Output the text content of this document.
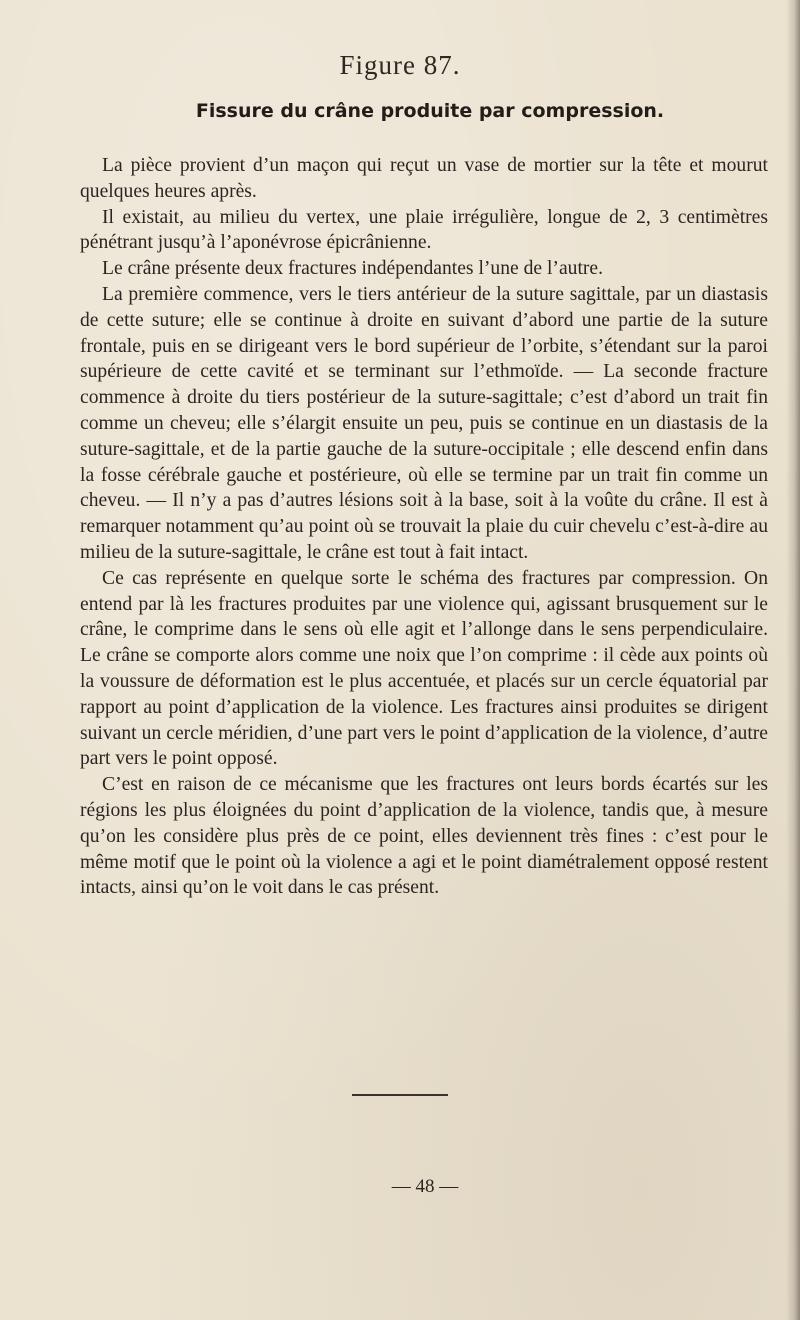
Figure 87.
Fissure du crâne produite par compression.

La pièce provient d’un maçon qui reçut un vase de mortier sur la tête et mourut quelques heures après.

Il existait, au milieu du vertex, une plaie irrégulière, longue de 2, 3 centimètres pénétrant jusqu’à l’aponévrose épicrânienne.

Le crâne présente deux fractures indépendantes l’une de l’autre.

La première commence, vers le tiers antérieur de la suture sagittale, par un diastasis de cette suture; elle se continue à droite en suivant d’abord une partie de la suture frontale, puis en se dirigeant vers le bord supérieur de l’orbite, s’étendant sur la paroi supérieure de cette cavité et se terminant sur l’ethmoïde. — La seconde fracture commence à droite du tiers postérieur de la suture-sagittale; c’est d’abord un trait fin comme un cheveu; elle s’élargit ensuite un peu, puis se continue en un diastasis de la suture-sagittale, et de la partie gauche de la suture-occipitale ; elle descend enfin dans la fosse cérébrale gauche et postérieure, où elle se termine par un trait fin comme un cheveu. — Il n’y a pas d’autres lésions soit à la base, soit à la voûte du crâne. Il est à remarquer notamment qu’au point où se trouvait la plaie du cuir chevelu c’est-à-dire au milieu de la suture-sagittale, le crâne est tout à fait intact.

Ce cas représente en quelque sorte le schéma des fractures par compression. On entend par là les fractures produites par une violence qui, agissant brusquement sur le crâne, le comprime dans le sens où elle agit et l’allonge dans le sens perpendiculaire. Le crâne se comporte alors comme une noix que l’on comprime : il cède aux points où la voussure de déformation est le plus accentuée, et placés sur un cercle équatorial par rapport au point d’application de la violence. Les fractures ainsi produites se dirigent suivant un cercle méridien, d’une part vers le point d’application de la violence, d’autre part vers le point opposé.

C’est en raison de ce mécanisme que les fractures ont leurs bords écartés sur les régions les plus éloignées du point d’application de la violence, tandis que, à mesure qu’on les considère plus près de ce point, elles deviennent très fines : c’est pour le même motif que le point où la violence a agi et le point diamétralement opposé restent intacts, ainsi qu’on le voit dans le cas présent.

— 48 —
